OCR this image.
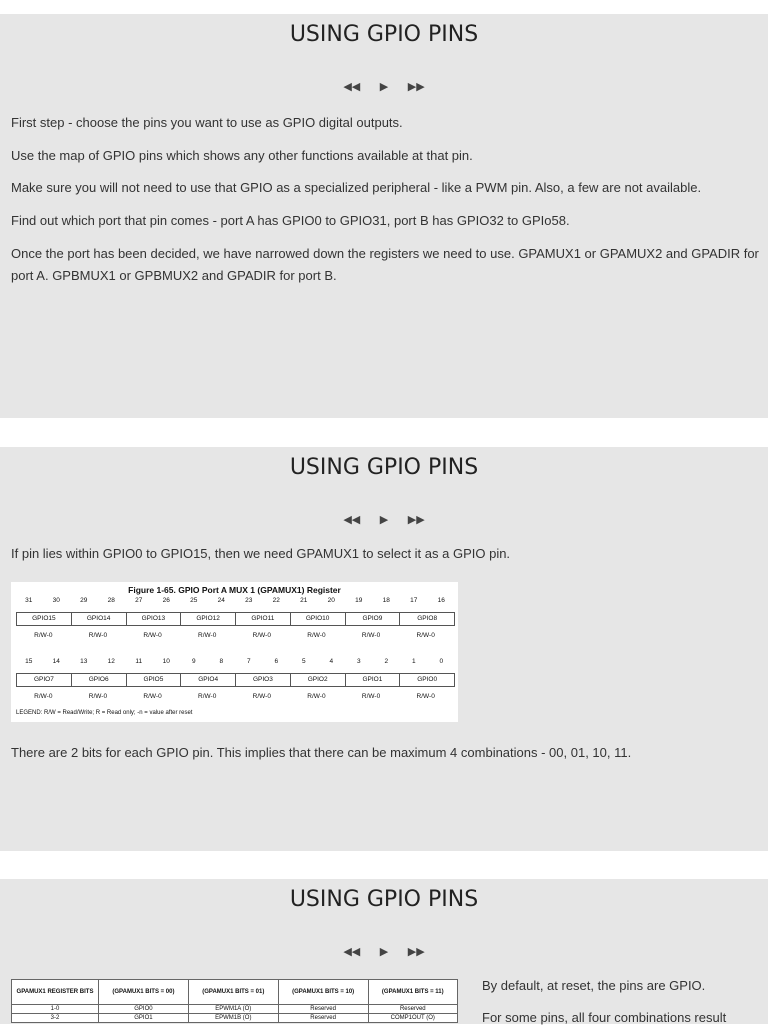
USING GPIO PINS
◀◀ ▶ ▶▶

First step - choose the pins you want to use as GPIO digital outputs.

Use the map of GPIO pins which shows any other functions available at that pin.

Make sure you will not need to use that GPIO as a specialized peripheral - like a PWM pin. Also, a few are not available.

Find out which port that pin comes - port A has GPIO0 to GPIO31, port B has GPIO32 to GPIo58.

Once the port has been decided, we have narrowed down the registers we need to use. GPAMUX1 or GPAMUX2 and GPADIR for port A. GPBMUX1 or GPBMUX2 and GPADIR for port B.

USING GPIO PINS
◀◀ ▶ ▶▶

If pin lies within GPIO0 to GPIO15, then we need GPAMUX1 to select it as a GPIO pin.

Figure 1-65. GPIO Port A MUX 1 (GPAMUX1) Register
31	30	29	28	27	26	25	24	23	22	21	20	19	18	17	16
GPIO15	GPIO14	GPIO13	GPIO12	GPIO11	GPIO10	GPIO9	GPIO8
R/W-0	R/W-0	R/W-0	R/W-0	R/W-0	R/W-0	R/W-0	R/W-0
15	14	13	12	11	10	9	8	7	6	5	4	3	2	1	0
GPIO7	GPIO6	GPIO5	GPIO4	GPIO3	GPIO2	GPIO1	GPIO0
R/W-0	R/W-0	R/W-0	R/W-0	R/W-0	R/W-0	R/W-0	R/W-0
LEGEND: R/W = Read/Write; R = Read only; -n = value after reset

There are 2 bits for each GPIO pin. This implies that there can be maximum 4 combinations - 00, 01, 10, 11.

USING GPIO PINS
◀◀ ▶ ▶▶
GPAMUX1 REGISTER BITS	(GPAMUX1 BITS = 00)	(GPAMUX1 BITS = 01)	(GPAMUX1 BITS = 10)	(GPAMUX1 BITS = 11)
1-0	GPIO0	EPWM1A (O)	Reserved	Reserved
3-2	GPIO1	EPWM1B (O)	Reserved	COMP1OUT (O)

By default, at reset, the pins are GPIO.

For some pins, all four combinations result
